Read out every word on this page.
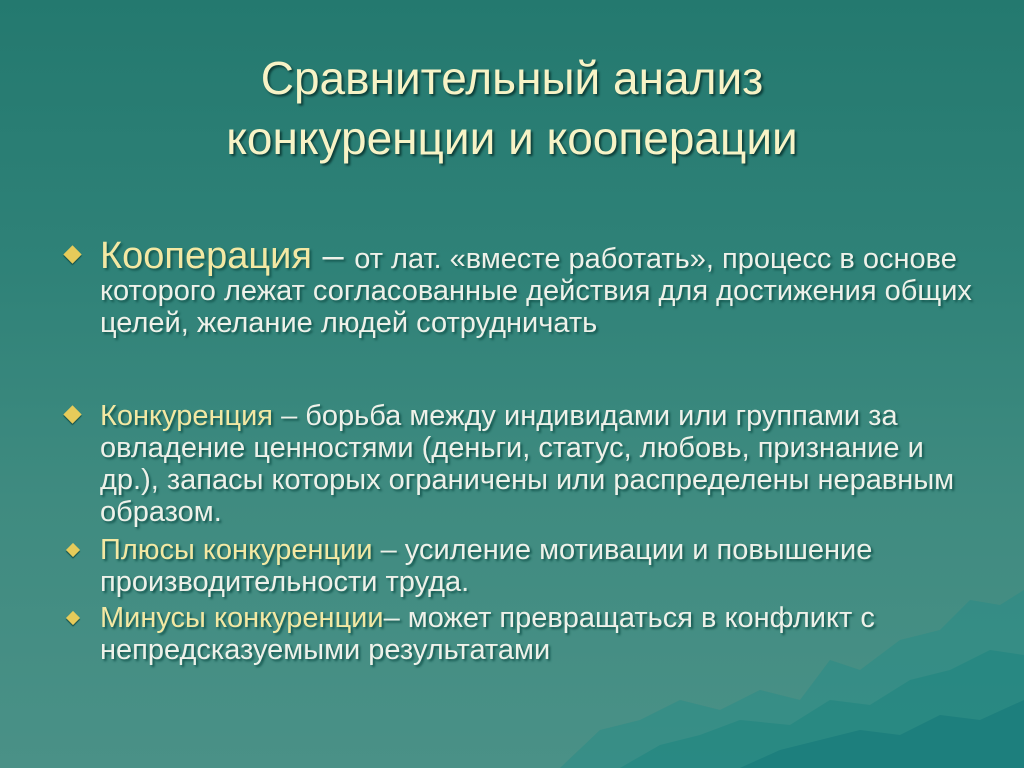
Сравнительный анализ
конкуренции и кооперации
Кооперация – от лат. «вместе работать», процесс в основе которого лежат согласованные действия для достижения общих целей, желание людей сотрудничать
Конкуренция – борьба между индивидами или группами за овладение ценностями (деньги, статус, любовь, признание и др.), запасы которых ограничены или распределены неравным образом.
Плюсы конкуренции – усиление мотивации и повышение производительности труда.
Минусы конкуренции– может превращаться в конфликт с непредсказуемыми результатами
